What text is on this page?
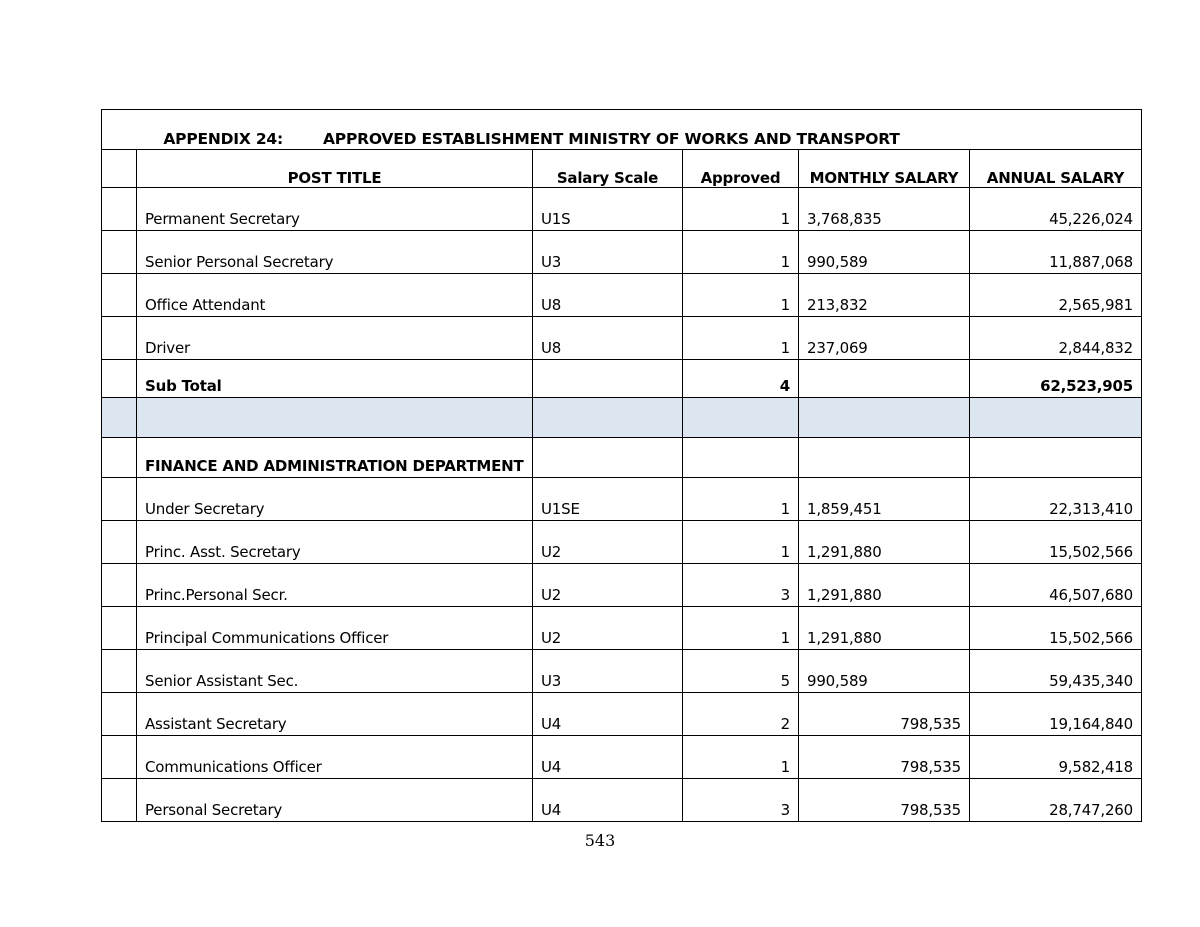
APPENDIX 24: APPROVED ESTABLISHMENT MINISTRY OF WORKS AND TRANSPORT					

	POST TITLE	Salary Scale	Approved	MONTHLY SALARY	ANNUAL SALARY
	Permanent Secretary	U1S	1	3,768,835	45,226,024
	Senior Personal Secretary	U3	1	990,589	11,887,068
	Office Attendant	U8	1	213,832	2,565,981
	Driver	U8	1	237,069	2,844,832
	Sub Total		4		62,523,905

	FINANCE AND ADMINISTRATION DEPARTMENT				
	Under Secretary	U1SE	1	1,859,451	22,313,410
	Princ. Asst. Secretary	U2	1	1,291,880	15,502,566
	Princ.Personal Secr.	U2	3	1,291,880	46,507,680
	Principal Communications Officer	U2	1	1,291,880	15,502,566
	Senior Assistant Sec.	U3	5	990,589	59,435,340
	Assistant Secretary	U4	2	798,535	19,164,840
	Communications Officer	U4	1	798,535	9,582,418
	Personal Secretary	U4	3	798,535	28,747,260
543
